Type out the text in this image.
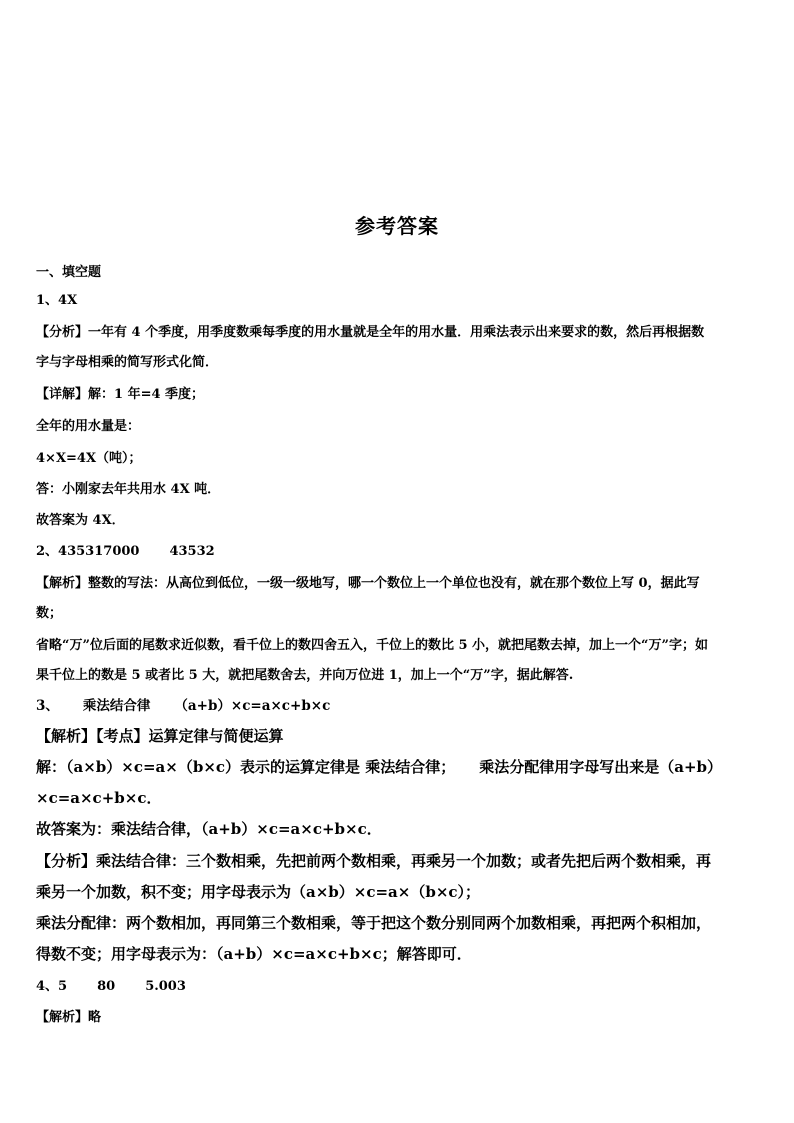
参考答案
一、填空题
1、4X
【分析】一年有 4 个季度，用季度数乘每季度的用水量就是全年的用水量．用乘法表示出来要求的数，然后再根据数
字与字母相乘的简写形式化简．
【详解】解：1 年=4 季度；
全年的用水量是：
4×X=4X（吨）；
答：小刚家去年共用水 4X 吨．
故答案为 4X．
2、435317000 43532
【解析】整数的写法：从高位到低位，一级一级地写，哪一个数位上一个单位也没有，就在那个数位上写 0，据此写
数；
省略“万”位后面的尾数求近似数，看千位上的数四舍五入，千位上的数比 5 小，就把尾数去掉，加上一个“万”字；如
果千位上的数是 5 或者比 5 大，就把尾数舍去，并向万位进 1，加上一个“万”字，据此解答.
3、 乘法结合律 （a+b）×c=a×c+b×c
【解析】【考点】运算定律与简便运算
解：（a×b）×c=a×（b×c）表示的运算定律是 乘法结合律； 乘法分配律用字母写出来是（a+b）
×c=a×c+b×c．
故答案为：乘法结合律，（a+b）×c=a×c+b×c．
【分析】乘法结合律：三个数相乘，先把前两个数相乘，再乘另一个加数；或者先把后两个数相乘，再
乘另一个加数，积不变；用字母表示为（a×b）×c=a×（b×c）；
乘法分配律：两个数相加，再同第三个数相乘，等于把这个数分别同两个加数相乘，再把两个积相加，
得数不变；用字母表示为：（a+b）×c=a×c+b×c；解答即可．
4、5 80 5.003
【解析】略
